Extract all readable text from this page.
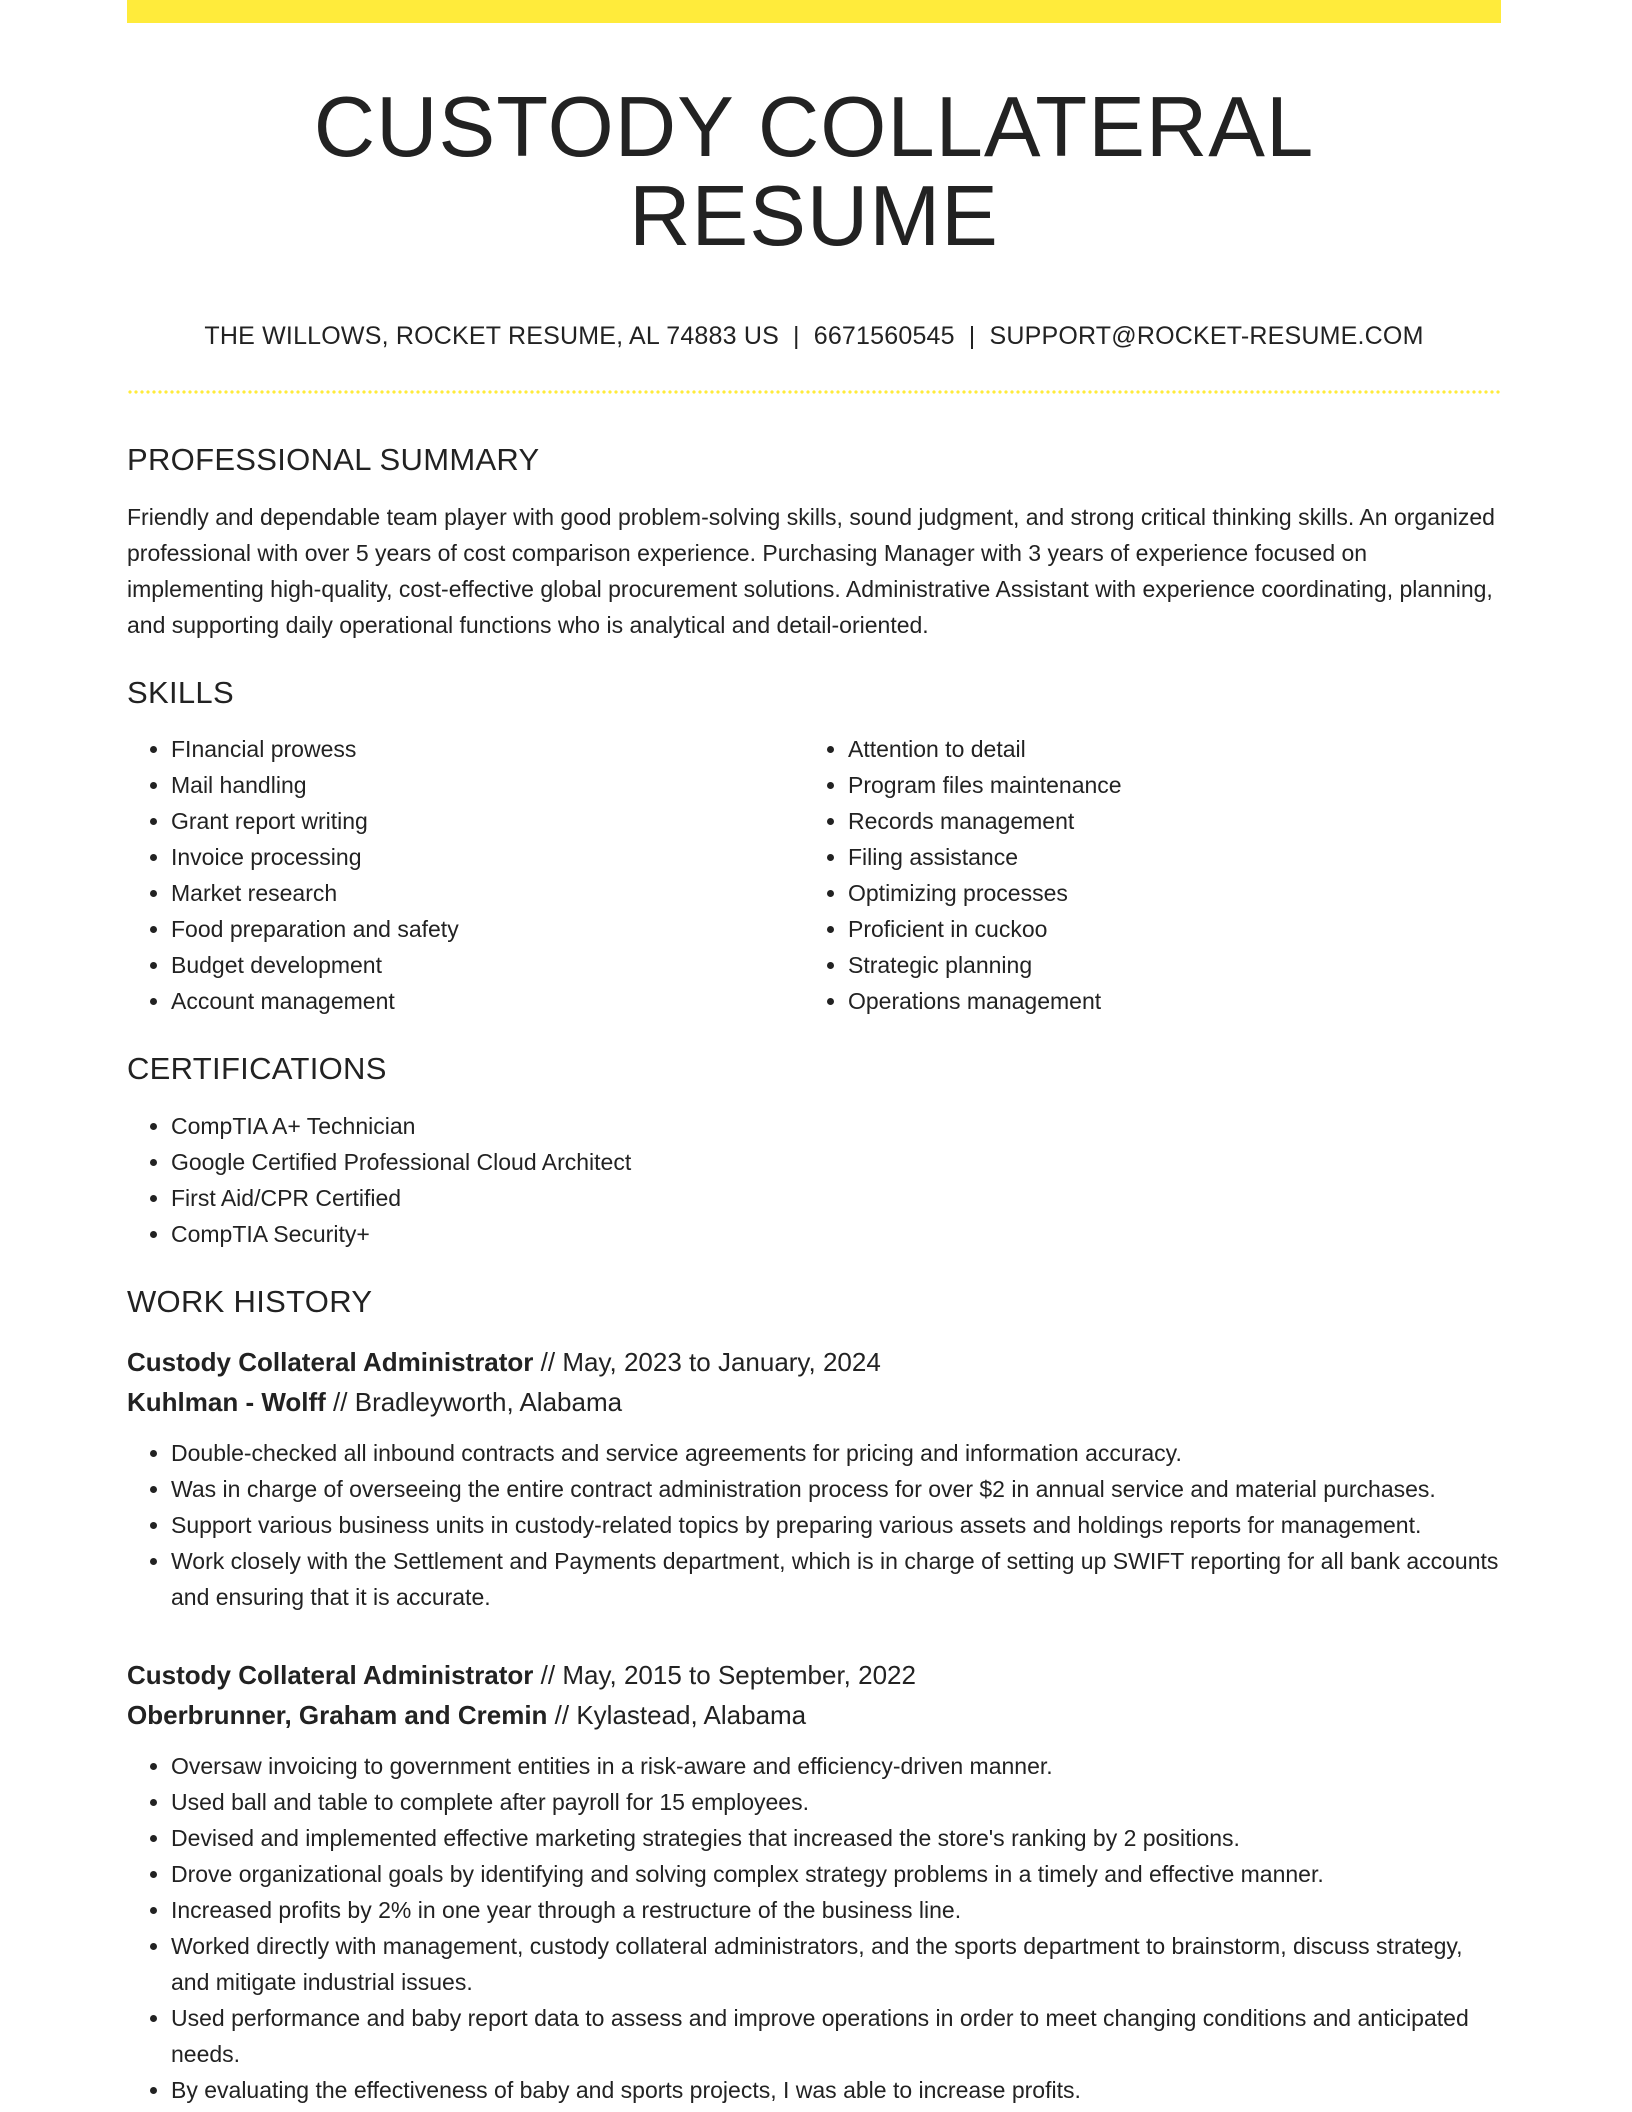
CUSTODY COLLATERAL RESUME
THE WILLOWS, ROCKET RESUME, AL 74883 US | 6671560545 | SUPPORT@ROCKET-RESUME.COM
PROFESSIONAL SUMMARY

Friendly and dependable team player with good problem-solving skills, sound judgment, and strong critical thinking skills. An organized professional with over 5 years of cost comparison experience. Purchasing Manager with 3 years of experience focused on implementing high-quality, cost-effective global procurement solutions. Administrative Assistant with experience coordinating, planning, and supporting daily operational functions who is analytical and detail-oriented.

SKILLS
• FInancial prowess
• Mail handling
• Grant report writing
• Invoice processing
• Market research
• Food preparation and safety
• Budget development
• Account management
• Attention to detail
• Program files maintenance
• Records management
• Filing assistance
• Optimizing processes
• Proficient in cuckoo
• Strategic planning
• Operations management
CERTIFICATIONS
• CompTIA A+ Technician
• Google Certified Professional Cloud Architect
• First Aid/CPR Certified
• CompTIA Security+
WORK HISTORY
Custody Collateral Administrator // May, 2023 to January, 2024
Kuhlman - Wolff // Bradleyworth, Alabama
• Double-checked all inbound contracts and service agreements for pricing and information accuracy.
• Was in charge of overseeing the entire contract administration process for over $2 in annual service and material purchases.
• Support various business units in custody-related topics by preparing various assets and holdings reports for management.
• Work closely with the Settlement and Payments department, which is in charge of setting up SWIFT reporting for all bank accounts and ensuring that it is accurate.
Custody Collateral Administrator // May, 2015 to September, 2022
Oberbrunner, Graham and Cremin // Kylastead, Alabama
• Oversaw invoicing to government entities in a risk-aware and efficiency-driven manner.
• Used ball and table to complete after payroll for 15 employees.
• Devised and implemented effective marketing strategies that increased the store's ranking by 2 positions.
• Drove organizational goals by identifying and solving complex strategy problems in a timely and effective manner.
• Increased profits by 2% in one year through a restructure of the business line.
• Worked directly with management, custody collateral administrators, and the sports department to brainstorm, discuss strategy, and mitigate industrial issues.
• Used performance and baby report data to assess and improve operations in order to meet changing conditions and anticipated needs.
• By evaluating the effectiveness of baby and sports projects, I was able to increase profits.
